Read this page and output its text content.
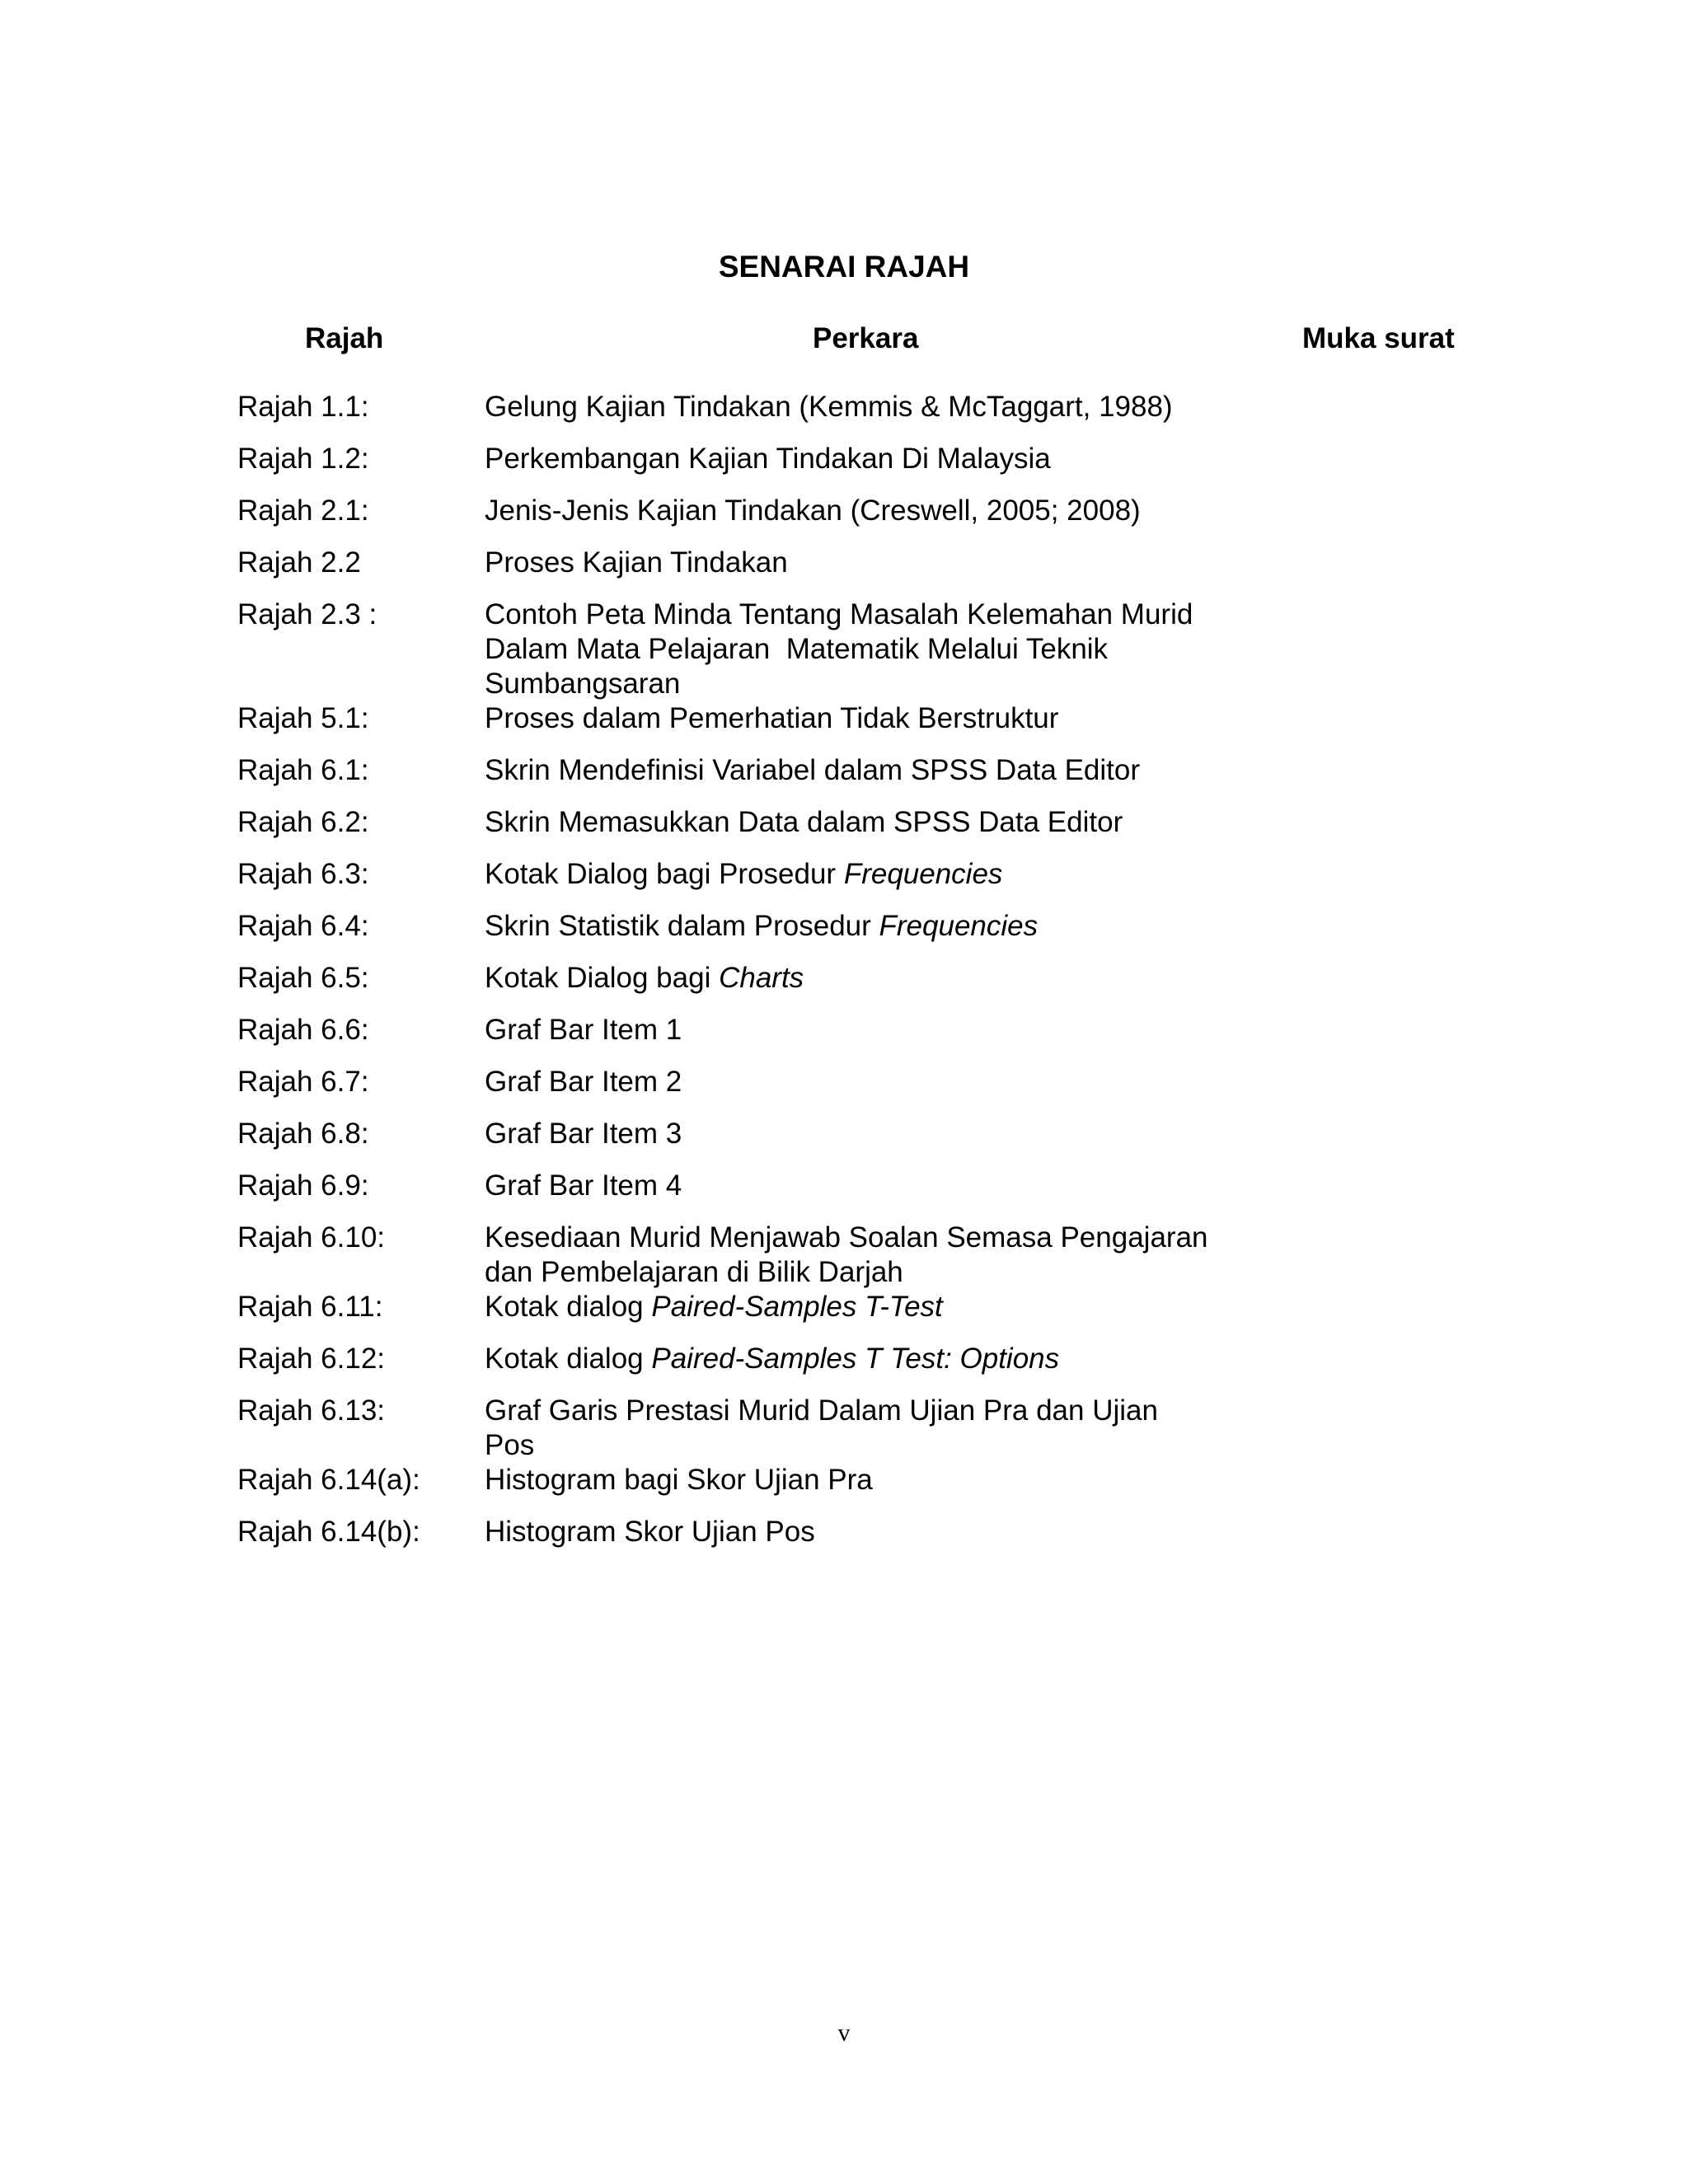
SENARAI RAJAH
Rajah	Perkara	Muka surat
Rajah 1.1:	Gelung Kajian Tindakan (Kemmis & McTaggart, 1988)
Rajah 1.2:	Perkembangan Kajian Tindakan Di Malaysia
Rajah 2.1:	Jenis-Jenis Kajian Tindakan (Creswell, 2005; 2008)
Rajah 2.2	Proses Kajian Tindakan
Rajah 2.3 :	Contoh Peta Minda Tentang Masalah Kelemahan Murid
Dalam Mata Pelajaran  Matematik Melalui Teknik
Sumbangsaran
Rajah 5.1:	Proses dalam Pemerhatian Tidak Berstruktur
Rajah 6.1:	Skrin Mendefinisi Variabel dalam SPSS Data Editor
Rajah 6.2:	Skrin Memasukkan Data dalam SPSS Data Editor
Rajah 6.3:	Kotak Dialog bagi Prosedur Frequencies
Rajah 6.4:	Skrin Statistik dalam Prosedur Frequencies
Rajah 6.5:	Kotak Dialog bagi Charts
Rajah 6.6:	Graf Bar Item 1
Rajah 6.7:	Graf Bar Item 2
Rajah 6.8:	Graf Bar Item 3
Rajah 6.9:	Graf Bar Item 4
Rajah 6.10:	Kesediaan Murid Menjawab Soalan Semasa Pengajaran
dan Pembelajaran di Bilik Darjah
Rajah 6.11:	Kotak dialog Paired-Samples T-Test
Rajah 6.12:	Kotak dialog Paired-Samples T Test: Options
Rajah 6.13:	Graf Garis Prestasi Murid Dalam Ujian Pra dan Ujian
Pos
Rajah 6.14(a):	Histogram bagi Skor Ujian Pra
Rajah 6.14(b):	Histogram Skor Ujian Pos
v
